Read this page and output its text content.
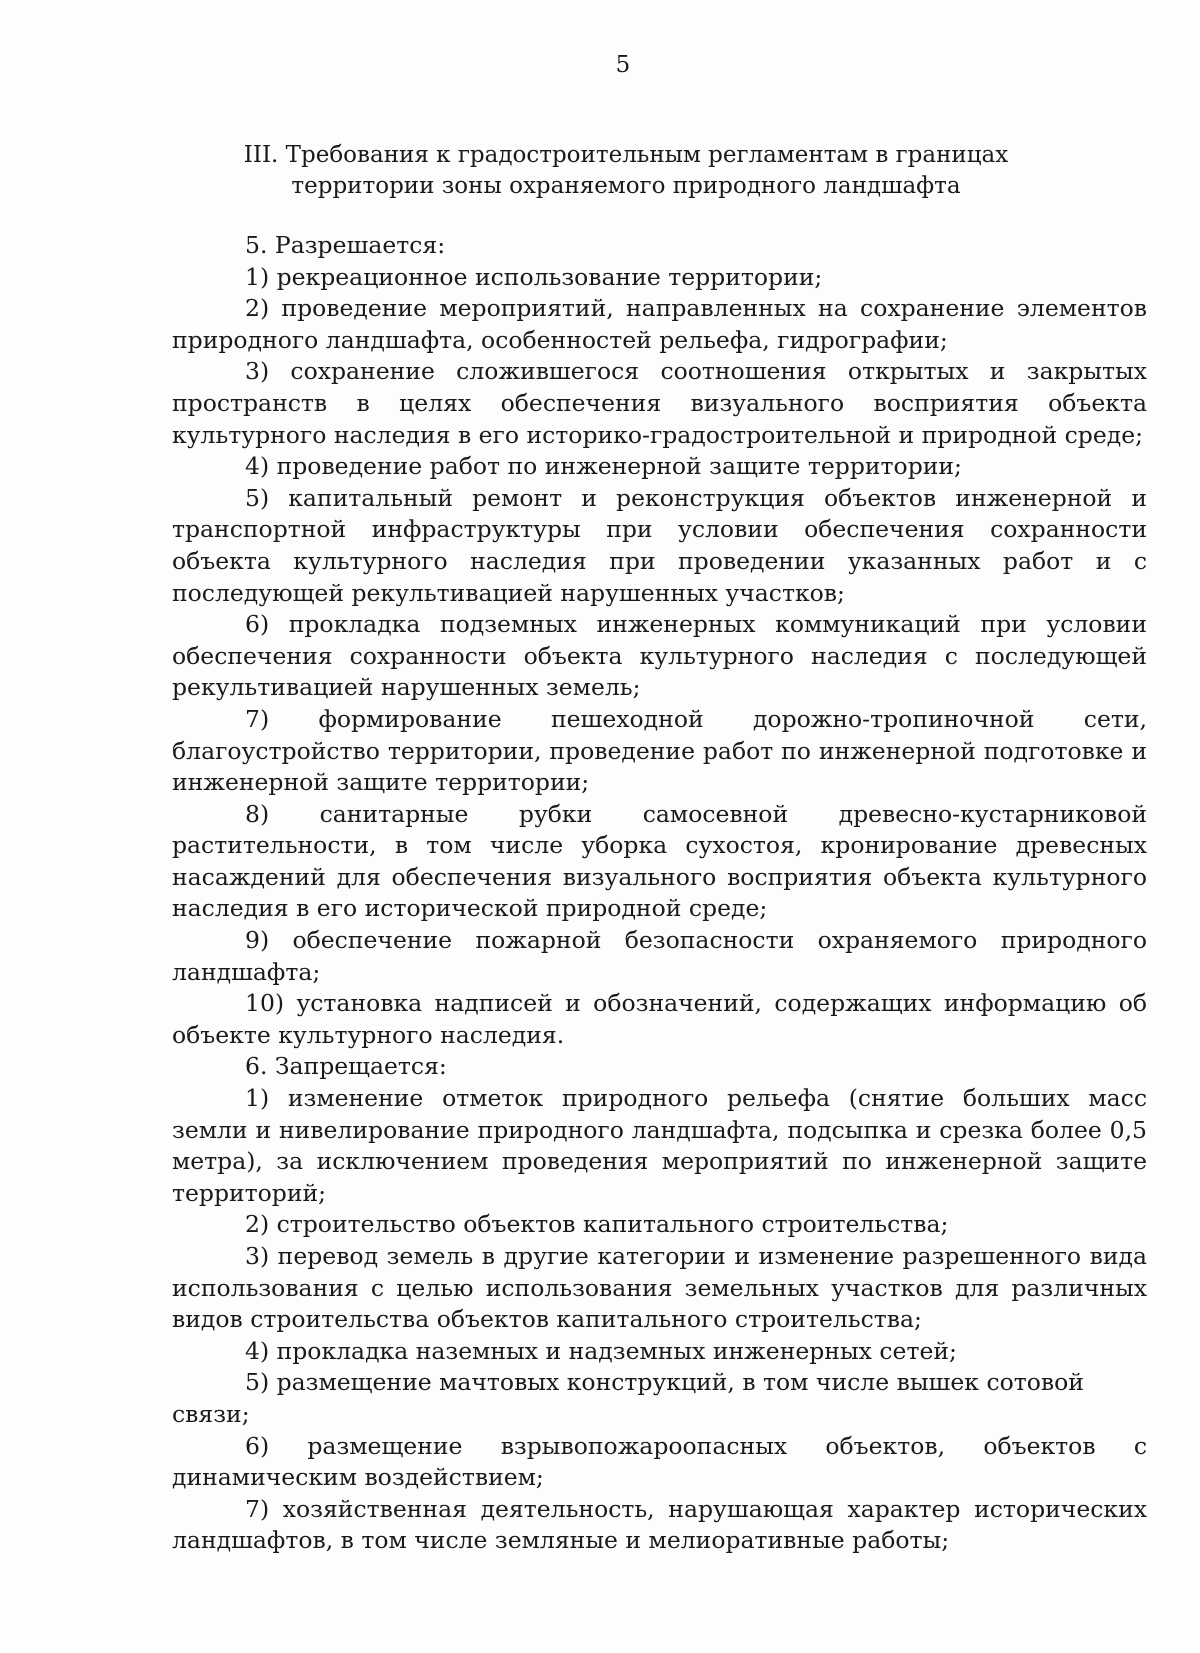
5
III. Требования к градостроительным регламентам в границах
территории зоны охраняемого природного ландшафта

5. Разрешается:

1) рекреационное использование территории;

2) проведение мероприятий, направленных на сохранение элементов природного ландшафта, особенностей рельефа, гидрографии;

3) сохранение сложившегося соотношения открытых и закрытых пространств в целях обеспечения визуального восприятия объекта культурного наследия в его историко-градостроительной и природной среде;

4) проведение работ по инженерной защите территории;

5) капитальный ремонт и реконструкция объектов инженерной и транспортной инфраструктуры при условии обеспечения сохранности объекта культурного наследия при проведении указанных работ и с последующей рекультивацией нарушенных участков;

6) прокладка подземных инженерных коммуникаций при условии обеспечения сохранности объекта культурного наследия с последующей рекультивацией нарушенных земель;

7) формирование пешеходной дорожно-тропиночной сети, благоустройство территории, проведение работ по инженерной подготовке и инженерной защите территории;

8) санитарные рубки самосевной древесно-кустарниковой растительности, в том числе уборка сухостоя, кронирование древесных насаждений для обеспечения визуального восприятия объекта культурного наследия в его исторической природной среде;

9) обеспечение пожарной безопасности охраняемого природного ландшафта;

10) установка надписей и обозначений, содержащих информацию об объекте культурного наследия.

6. Запрещается:

1) изменение отметок природного рельефа (снятие больших масс земли и нивелирование природного ландшафта, подсыпка и срезка более 0,5 метра), за исключением проведения мероприятий по инженерной защите территорий;

2) строительство объектов капитального строительства;

3) перевод земель в другие категории и изменение разрешенного вида использования с целью использования земельных участков для различных видов строительства объектов капитального строительства;

4) прокладка наземных и надземных инженерных сетей;

5) размещение мачтовых конструкций, в том числе вышек сотовой связи;

6) размещение взрывопожароопасных объектов, объектов с динамическим воздействием;

7) хозяйственная деятельность, нарушающая характер исторических ландшафтов, в том числе земляные и мелиоративные работы;
